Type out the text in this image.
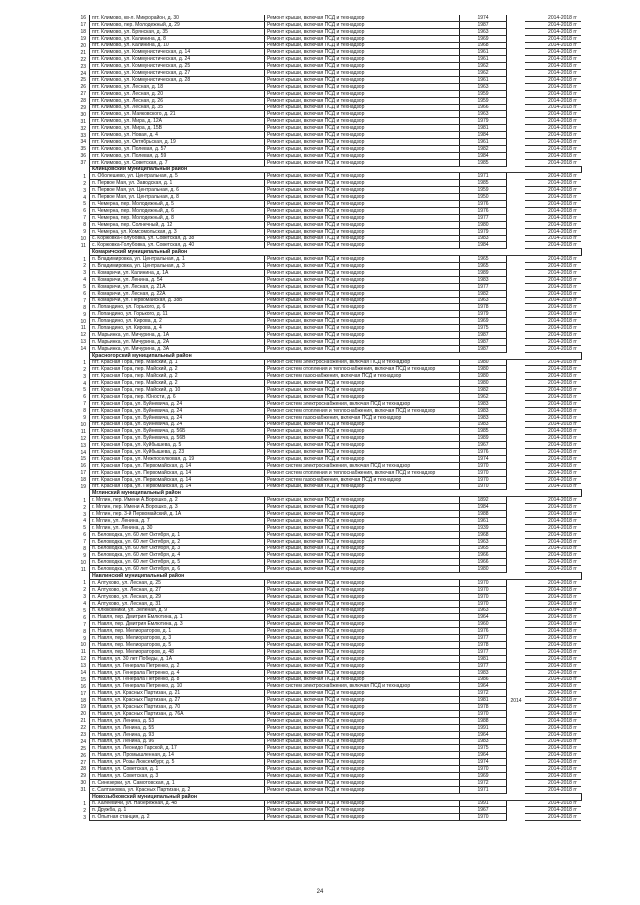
16	пгт. Климово, кв-л. Микрорайон, д. 30	Ремонт крыши, включая ПСД и технадзор	1974		2014-2018 гг
17	пгт. Климово, пер. Молодежный, д. 29	Ремонт крыши, включая ПСД и технадзор	1987		2014-2018 гг
18	пгт. Климово, ул. Брянская, д. 35	Ремонт крыши, включая ПСД и технадзор	1963		2014-2018 гг
19	пгт. Климово, ул. Калинина, д. 8	Ремонт крыши, включая ПСД и технадзор	1969		2014-2018 гг
20	пгт. Климово, ул. Калинина, д. 10	Ремонт крыши, включая ПСД и технадзор	1968		2014-2018 гг
21	пгт. Климово, ул. Коммунистическая, д. 14	Ремонт крыши, включая ПСД и технадзор	1961		2014-2018 гг
22	пгт. Климово, ул. Коммунистическая, д. 24	Ремонт крыши, включая ПСД и технадзор	1961		2014-2018 гг
23	пгт. Климово, ул. Коммунистическая, д. 25	Ремонт крыши, включая ПСД и технадзор	1962		2014-2018 гг
24	пгт. Климово, ул. Коммунистическая, д. 27	Ремонт крыши, включая ПСД и технадзор	1962		2014-2018 гг
25	пгт. Климово, ул. Коммунистическая, д. 28	Ремонт крыши, включая ПСД и технадзор	1961		2014-2018 гг
26	пгт. Климово, ул. Лесная, д. 18	Ремонт крыши, включая ПСД и технадзор	1963		2014-2018 гг
27	пгт. Климово, ул. Лесная, д. 20	Ремонт крыши, включая ПСД и технадзор	1959		2014-2018 гг
28	пгт. Климово, ул. Лесная, д. 26	Ремонт крыши, включая ПСД и технадзор	1959		2014-2018 гг
29	пгт. Климово, ул. Лесная, д. 35	Ремонт крыши, включая ПСД и технадзор	1966		2014-2018 гг
30	пгт. Климово, ул. Маяковского, д. 21	Ремонт крыши, включая ПСД и технадзор	1963		2014-2018 гг
31	пгт. Климово, ул. Мира, д. 12А	Ремонт крыши, включая ПСД и технадзор	1979		2014-2018 гг
32	пгт. Климово, ул. Мира, д. 15В	Ремонт крыши, включая ПСД и технадзор	1981		2014-2018 гг
33	пгт. Климово, ул. Новая, д. 4	Ремонт крыши, включая ПСД и технадзор	1984		2014-2018 гг
34	пгт. Климово, ул. Октябрьская, д. 19	Ремонт крыши, включая ПСД и технадзор	1961		2014-2018 гг
35	пгт. Климово, ул. Полевая, д. 57	Ремонт крыши, включая ПСД и технадзор	1982		2014-2018 гг
36	пгт. Климово, ул. Полевая, д. 59	Ремонт крыши, включая ПСД и технадзор	1984		2014-2018 гг
37	пгт. Климово, ул. Советская, д. 7	Ремонт крыши, включая ПСД и технадзор	1985		2014-2018 гг
	Клинцовский муниципальный район				
1	п. Оболешево, ул. Центральная, д. 5	Ремонт крыши, включая ПСД и технадзор	1971		2014-2018 гг
2	п. Первое Мая, ул. Заводская, д. 1	Ремонт крыши, включая ПСД и технадзор	1985		2014-2018 гг
3	п. Первое Мая, ул. Центральная, д. 6	Ремонт крыши, включая ПСД и технадзор	1959		2014-2018 гг
4	п. Первое Мая, ул. Центральная, д. 8	Ремонт крыши, включая ПСД и технадзор	1950		2014-2018 гг
5	п. Чемерна, пер. Молодежный, д. 5	Ремонт крыши, включая ПСД и технадзор	1976		2014-2018 гг
6	п. Чемерна, пер. Молодежный, д. 6	Ремонт крыши, включая ПСД и технадзор	1976		2014-2018 гг
7	п. Чемерна, пер. Молодежный, д. 8	Ремонт крыши, включая ПСД и технадзор	1977		2014-2018 гг
8	п. Чемерна, пер. Солнечный, д. 12	Ремонт крыши, включая ПСД и технадзор	1980		2014-2018 гг
9	п. Чемерна, ул. Комсомольская, д. 3	Ремонт крыши, включая ПСД и технадзор	1979		2014-2018 гг
10	с. Коржовка-Голубовка, ул. Советская, д. 38	Ремонт крыши, включая ПСД и технадзор	1983		2014-2018 гг
11	с. Коржовка-Голубовка, ул. Советская, д. 40	Ремонт крыши, включая ПСД и технадзор	1984		2014-2018 гг
	Комаричский муниципальный район				
1	п. Владимировка, ул. Центральная, д. 1	Ремонт крыши, включая ПСД и технадзор	1965		2014-2018 гг
2	п. Владимировка, ул. Центральная, д. 3	Ремонт крыши, включая ПСД и технадзор	1965		2014-2018 гг
3	п. Комаричи, ул. Калинина, д. 1А	Ремонт крыши, включая ПСД и технадзор	1989		2014-2018 гг
4	п. Комаричи, ул. Ленина, д. 54	Ремонт крыши, включая ПСД и технадзор	1983		2014-2018 гг
5	п. Комаричи, ул. Лесная, д. 21А	Ремонт крыши, включая ПСД и технадзор	1977		2014-2018 гг
6	п. Комаричи, ул. Лесная, д. 22А	Ремонт крыши, включая ПСД и технадзор	1982		2014-2018 гг
7	п. Комаричи, ул. Первомайская, д. 38Б	Ремонт крыши, включая ПСД и технадзор	1963		2014-2018 гг
8	п. Лопандино, ул. Горького, д. 6	Ремонт крыши, включая ПСД и технадзор	1978		2014-2018 гг
9	п. Лопандино, ул. Горького, д. 11	Ремонт крыши, включая ПСД и технадзор	1979		2014-2018 гг
10	п. Лопандино, ул. Кирова, д. 2	Ремонт крыши, включая ПСД и технадзор	1969		2014-2018 гг
11	п. Лопандино, ул. Кирова, д. 4	Ремонт крыши, включая ПСД и технадзор	1975		2014-2018 гг
12	п. Марьинка, ул. Мичурина, д. 1А	Ремонт крыши, включая ПСД и технадзор	1987		2014-2018 гг
13	п. Марьинка, ул. Мичурина, д. 2А	Ремонт крыши, включая ПСД и технадзор	1987		2014-2018 гг
14	п. Марьинка, ул. Мичурина, д. 3А	Ремонт крыши, включая ПСД и технадзор	1987		2014-2018 гг
	Красногорский муниципальный район				
1	пгт. Красная Гора, пер. Майский, д. 1	Ремонт систем электроснабжения, включая ПСД и технадзор	1980		2014-2018 гг
2	пгт. Красная Гора, пер. Майский, д. 2	Ремонт систем отопления и теплоснабжения, включая ПСД и технадзор	1980		2014-2018 гг
3	пгт. Красная Гора, пер. Майский, д. 2	Ремонт систем газоснабжения, включая ПСД и технадзор	1980		2014-2018 гг
4	пгт. Красная Гора, пер. Майский, д. 2	Ремонт крыши, включая ПСД и технадзор	1980		2014-2018 гг
5	пгт. Красная Гора, пер. Майский, д. 10	Ремонт крыши, включая ПСД и технадзор	1982		2014-2018 гг
6	пгт. Красная Гора, пер. Юности, д. 6	Ремонт крыши, включая ПСД и технадзор	1962		2014-2018 гг
7	пгт. Красная Гора, ул. Буйневича, д. 24	Ремонт систем электроснабжения, включая ПСД и технадзор	1983		2014-2018 гг
8	пгт. Красная Гора, ул. Буйневича, д. 24	Ремонт систем отопления и теплоснабжения, включая ПСД и технадзор	1983		2014-2018 гг
9	пгт. Красная Гора, ул. Буйневича, д. 24	Ремонт систем газоснабжения, включая ПСД и технадзор	1983		2014-2018 гг
10	пгт. Красная Гора, ул. Буйневича, д. 24	Ремонт крыши, включая ПСД и технадзор	1983		2014-2018 гг
11	пгт. Красная Гора, ул. Буйневича, д. 56Б	Ремонт крыши, включая ПСД и технадзор	1985		2014-2018 гг
12	пгт. Красная Гора, ул. Буйневича, д. 56В	Ремонт крыши, включая ПСД и технадзор	1989		2014-2018 гг
13	пгт. Красная Гора, ул. Куйбышева, д. 5	Ремонт крыши, включая ПСД и технадзор	1967		2014-2018 гг
14	пгт. Красная Гора, ул. Куйбышева, д. 23	Ремонт крыши, включая ПСД и технадзор	1976		2014-2018 гг
15	пгт. Красная Гора, ул. Межпоселковая, д. 19	Ремонт крыши, включая ПСД и технадзор	1974		2014-2018 гг
16	пгт. Красная Гора, ул. Первомайская, д. 14	Ремонт систем электроснабжения, включая ПСД и технадзор	1970		2014-2018 гг
17	пгт. Красная Гора, ул. Первомайская, д. 14	Ремонт систем отопления и теплоснабжения, включая ПСД и технадзор	1970		2014-2018 гг
18	пгт. Красная Гора, ул. Первомайская, д. 14	Ремонт систем газоснабжения, включая ПСД и технадзор	1970		2014-2018 гг
19	пгт. Красная Гора, ул. Первомайская, д. 14	Ремонт крыши, включая ПСД и технадзор	1970		2014-2018 гг
	Мглинский муниципальный район				
1	г. Мглин, пер. Имени А.Ворошко, д. 2	Ремонт крыши, включая ПСД и технадзор	1892		2014-2018 гг
2	г. Мглин, пер. Имени А.Ворошко, д. 3	Ремонт крыши, включая ПСД и технадзор	1984		2014-2018 гг
3	г. Мглин, пер. 3-й Первомайский, д. 1А	Ремонт крыши, включая ПСД и технадзор	1988		2014-2018 гг
4	г. Мглин, ул. Ленина, д. 7	Ремонт крыши, включая ПСД и технадзор	1961		2014-2018 гг
5	г. Мглин, ул. Ленина, д. 30	Ремонт крыши, включая ПСД и технадзор	1939		2014-2018 гг
6	п. Беловодка, ул. 60 лет Октября, д. 1	Ремонт крыши, включая ПСД и технадзор	1968		2014-2018 гг
7	п. Беловодка, ул. 60 лет Октября, д. 2	Ремонт крыши, включая ПСД и технадзор	1963		2014-2018 гг
8	п. Беловодка, ул. 60 лет Октября, д. 3	Ремонт крыши, включая ПСД и технадзор	1965		2014-2018 гг
9	п. Беловодка, ул. 60 лет Октября, д. 4	Ремонт крыши, включая ПСД и технадзор	1966		2014-2018 гг
10	п. Беловодка, ул. 60 лет Октября, д. 5	Ремонт крыши, включая ПСД и технадзор	1966		2014-2018 гг
11	п. Беловодка, ул. 60 лет Октября, д. 6	Ремонт крыши, включая ПСД и технадзор	1980		2014-2018 гг
	Навлинский муниципальный район				
1	п. Алтухово, ул. Лесная, д. 25	Ремонт крыши, включая ПСД и технадзор	1970		2014-2018 гг
2	п. Алтухово, ул. Лесная, д. 27	Ремонт крыши, включая ПСД и технадзор	1970		2014-2018 гг
3	п. Алтухово, ул. Лесная, д. 29	Ремонт крыши, включая ПСД и технадзор	1970		2014-2018 гг
4	п. Алтухово, ул. Лесная, д. 31	Ремонт крыши, включая ПСД и технадзор	1970		2014-2018 гг
5	п. Клюковники, ул. Зеленая, д. 9	Ремонт крыши, включая ПСД и технадзор	1963		2014-2018 гг
6	п. Навля, пер. Дмитрия Емлютина, д. 1	Ремонт крыши, включая ПСД и технадзор	1964		2014-2018 гг
7	п. Навля, пер. Дмитрия Емлютина, д. 3	Ремонт крыши, включая ПСД и технадзор	1960		2014-2018 гг
8	п. Навля, пер. Мелиораторов, д. 1	Ремонт крыши, включая ПСД и технадзор	1976		2014-2018 гг
9	п. Навля, пер. Мелиораторов, д. 3	Ремонт крыши, включая ПСД и технадзор	1977		2014-2018 гг
10	п. Навля, пер. Мелиораторов, д. 5	Ремонт крыши, включая ПСД и технадзор	1978		2014-2018 гг
11	п. Навля, пер. Мелиораторов, д. 48	Ремонт крыши, включая ПСД и технадзор	1977		2014-2018 гг
12	п. Навля, ул. 30 лет Победы, д. 1А	Ремонт крыши, включая ПСД и технадзор	1981		2014-2018 гг
13	п. Навля, ул. Генерала Петренко, д. 2	Ремонт крыши, включая ПСД и технадзор	1977		2014-2018 гг
14	п. Навля, ул. Генерала Петренко, д. 4	Ремонт крыши, включая ПСД и технадзор	1983		2014-2018 гг
15	п. Навля, ул. Генерала Петренко, д. 8	Ремонт крыши, включая ПСД и технадзор	1986		2014-2018 гг
16	п. Навля, ул. Генерала Петренко, д. 10	Ремонт систем электроснабжения, включая ПСД и технадзор	1964		2014-2018 гг
17	п. Навля, ул. Красных Партизан, д. 21	Ремонт крыши, включая ПСД и технадзор	1972		2014-2018 гг
18	п. Навля, ул. Красных Партизан, д. 27	Ремонт крыши, включая ПСД и технадзор	1981	2014	2014-2018 гг
19	п. Навля, ул. Красных Партизан, д. 70	Ремонт крыши, включая ПСД и технадзор	1978		2014-2018 гг
20	п. Навля, ул. Красных Партизан, д. 76А	Ремонт крыши, включая ПСД и технадзор	1970		2014-2018 гг
21	п. Навля, ул. Ленина, д. 53	Ремонт крыши, включая ПСД и технадзор	1988		2014-2018 гг
22	п. Навля, ул. Ленина, д. 55	Ремонт крыши, включая ПСД и технадзор	1991		2014-2018 гг
23	п. Навля, ул. Ленина, д. 93	Ремонт крыши, включая ПСД и технадзор	1964		2014-2018 гг
24	п. Навля, ул. Ленина, д. 96	Ремонт крыши, включая ПСД и технадзор	1983		2014-2018 гг
25	п. Навля, ул. Леонидо Гарской, д. 17	Ремонт крыши, включая ПСД и технадзор	1975		2014-2018 гг
26	п. Навля, ул. Промышленная, д. 14	Ремонт крыши, включая ПСД и технадзор	1964		2014-2018 гг
27	п. Навля, ул. Розы Люксембург, д. 5	Ремонт крыши, включая ПСД и технадзор	1974		2014-2018 гг
28	п. Навля, ул. Советская, д. 1	Ремонт крыши, включая ПСД и технадзор	1970		2014-2018 гг
29	п. Навля, ул. Советская, д. 3	Ремонт крыши, включая ПСД и технадзор	1969		2014-2018 гг
30	п. Синезерки, ул. Самотовская, д. 1	Ремонт крыши, включая ПСД и технадзор	1972		2014-2018 гг
31	с. Салтановка, ул. Красных Партизан, д. 2	Ремонт крыши, включая ПСД и технадзор	1971		2014-2018 гг
	Новозыбковский муниципальный район				
1	п. Халеевичи, ул. Набережная, д. 48	Ремонт крыши, включая ПСД и технадзор	1991		2014-2018 гг
2	п. Дружба, д. 1	Ремонт крыши, включая ПСД и технадзор	1967		2014-2018 гг
3	п. Опытная станция, д. 2	Ремонт крыши, включая ПСД и технадзор	1970		2014-2018 гг
24
